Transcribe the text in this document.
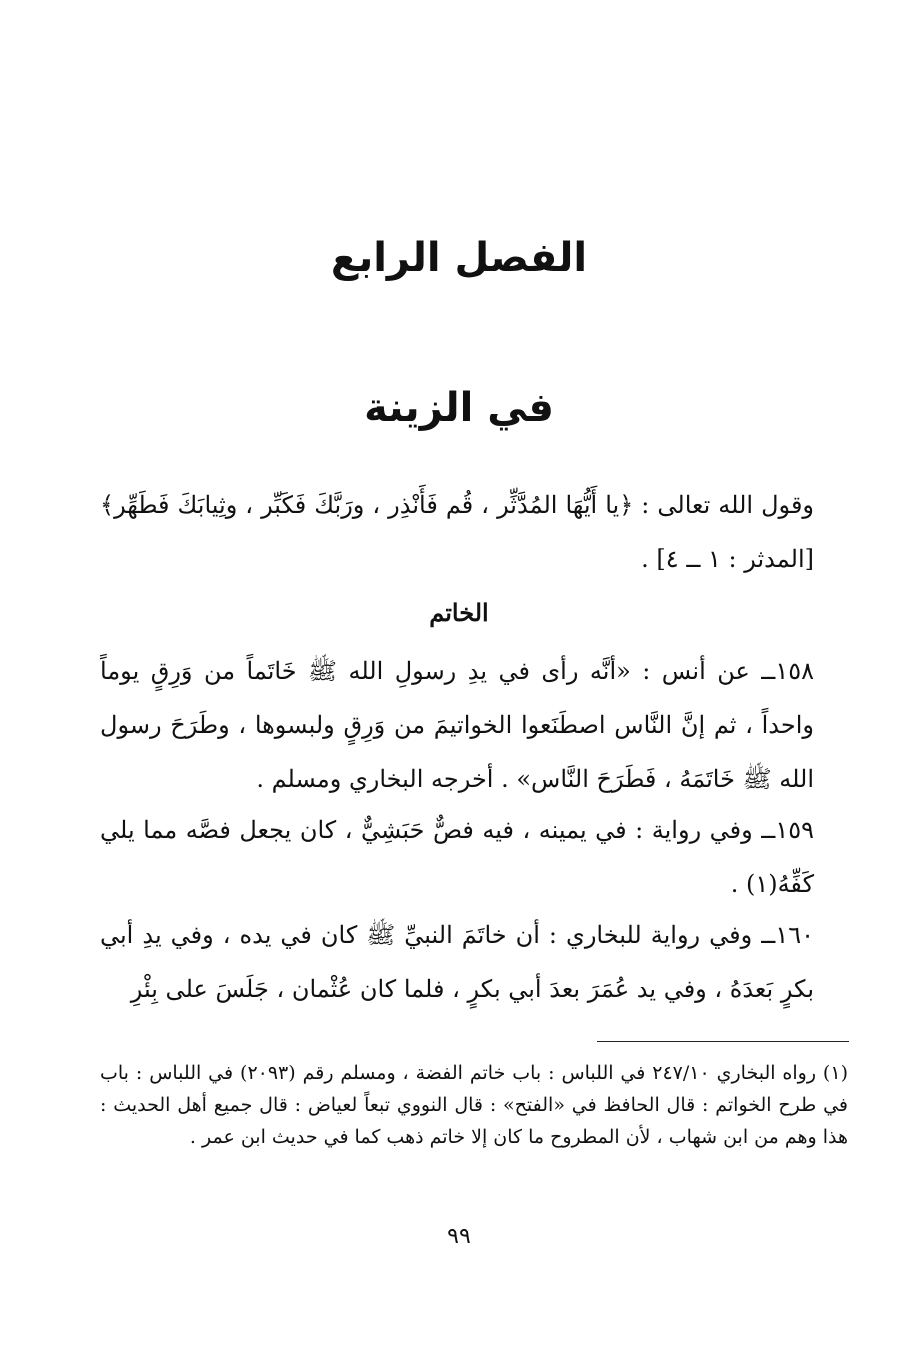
الفصل الرابع
في الزينة
وقول الله تعالى : ﴿يا أَيُّهَا المُدَّثِّر ، قُم فَأَنْذِر ، ورَبَّكَ فَكَبِّر ، وثِيابَكَ فَطَهِّر﴾ [المدثر : ١ ــ ٤] .
الخاتم
١٥٨ــ عن أنس : «أنَّه رأى في يدِ رسولِ الله ﷺ خَاتَماً من وَرِقٍ يوماً واحداً ، ثم إنَّ النَّاس اصطَنَعوا الخواتيمَ من وَرِقٍ ولبسوها ، وطَرَحَ رسول الله ﷺ خَاتَمَهُ ، فَطَرَحَ النَّاس» . أخرجه البخاري ومسلم .
١٥٩ــ وفي رواية : في يمينه ، فيه فصٌّ حَبَشِيٌّ ، كان يجعل فصَّه مما يلي كَفِّهُ(١) .
١٦٠ــ وفي رواية للبخاري : أن خاتَمَ النبيِّ ﷺ كان في يده ، وفي يدِ أبي بكرٍ بَعدَهُ ، وفي يد عُمَرَ بعدَ أبي بكرٍ ، فلما كان عُثْمان ، جَلَسَ على بِئْرِ
(١) رواه البخاري ٢٤٧/١٠ في اللباس : باب خاتم الفضة ، ومسلم رقم (٢٠٩٣) في اللباس : باب في طرح الخواتم : قال الحافظ في «الفتح» : قال النووي تبعاً لعياض : قال جميع أهل الحديث : هذا وهم من ابن شهاب ، لأن المطروح ما كان إلا خاتم ذهب كما في حديث ابن عمر .
٩٩
